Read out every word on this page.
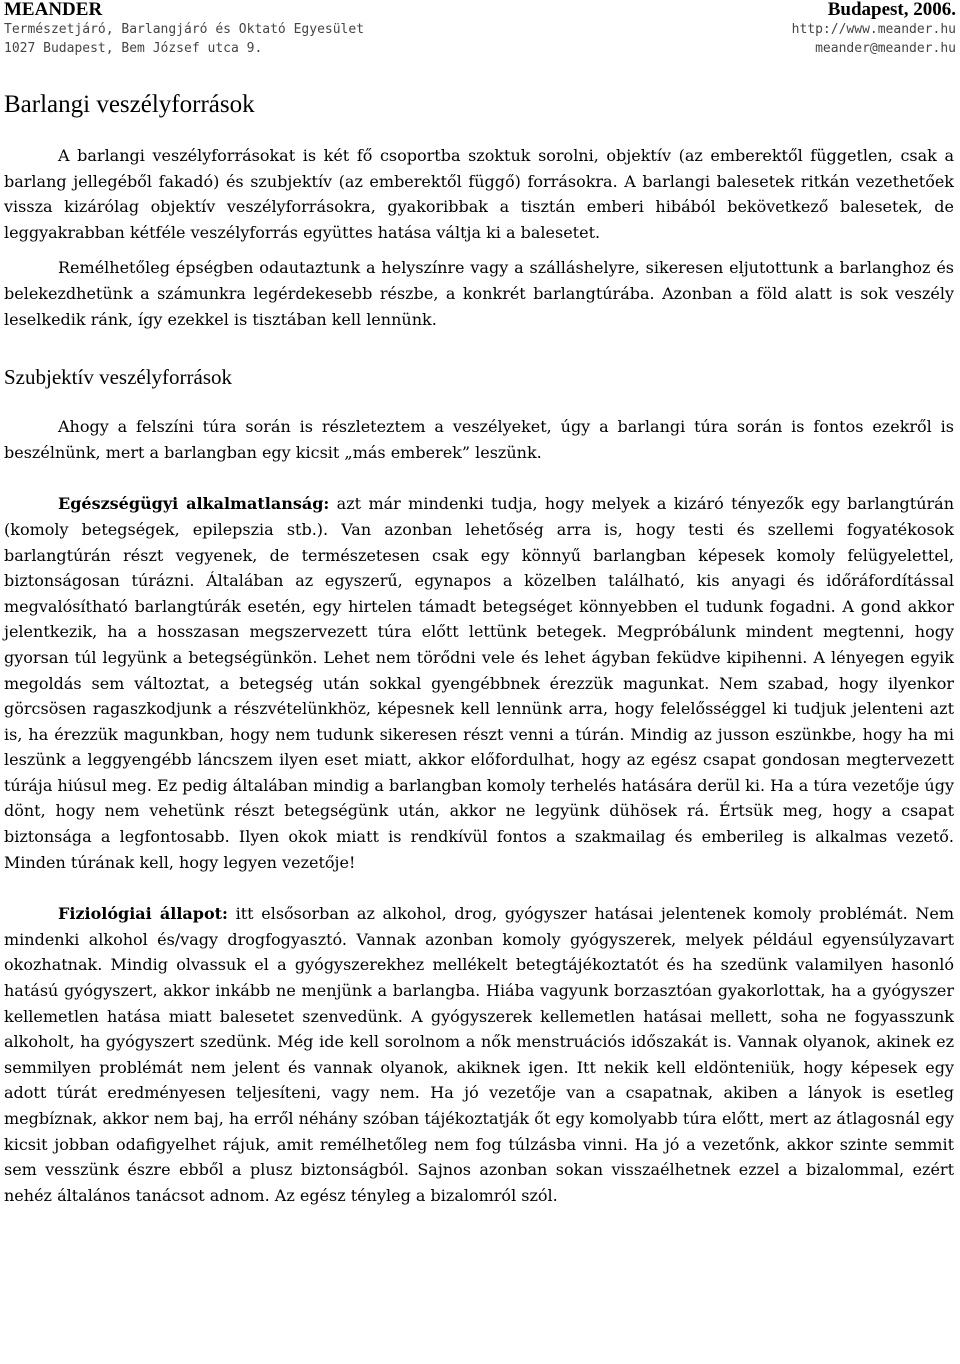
MEANDER	Budapest, 2006.
Természetjáró, Barlangjáró és Oktató Egyesület	http://www.meander.hu
1027 Budapest, Bem József utca 9.	meander@meander.hu
Barlangi veszélyforrások

A barlangi veszélyforrásokat is két fő csoportba szoktuk sorolni, objektív (az emberektől független, csak a barlang jellegéből fakadó) és szubjektív (az emberektől függő) forrásokra. A barlangi balesetek ritkán vezethetőek vissza kizárólag objektív veszélyforrásokra, gyakoribbak a tisztán emberi hibából bekövetkező balesetek, de leggyakrabban kétféle veszélyforrás együttes hatása váltja ki a balesetet.

Remélhetőleg épségben odautaztunk a helyszínre vagy a szálláshelyre, sikeresen eljutottunk a barlanghoz és belekezdhetünk a számunkra legérdekesebb részbe, a konkrét barlangtúrába. Azonban a föld alatt is sok veszély leselkedik ránk, így ezekkel is tisztában kell lennünk.

Szubjektív veszélyforrások

Ahogy a felszíni túra során is részleteztem a veszélyeket, úgy a barlangi túra során is fontos ezekről is beszélnünk, mert a barlangban egy kicsit „más emberek” leszünk.

Egészségügyi alkalmatlanság: azt már mindenki tudja, hogy melyek a kizáró tényezők egy barlangtúrán (komoly betegségek, epilepszia stb.). Van azonban lehetőség arra is, hogy testi és szellemi fogyatékosok barlangtúrán részt vegyenek, de természetesen csak egy könnyű barlangban képesek komoly felügyelettel, biztonságosan túrázni. Általában az egyszerű, egynapos a közelben található, kis anyagi és időráfordítással megvalósítható barlangtúrák esetén, egy hirtelen támadt betegséget könnyebben el tudunk fogadni. A gond akkor jelentkezik, ha a hosszasan megszervezett túra előtt lettünk betegek. Megpróbálunk mindent megtenni, hogy gyorsan túl legyünk a betegségünkön. Lehet nem törődni vele és lehet ágyban feküdve kipihenni. A lényegen egyik megoldás sem változtat, a betegség után sokkal gyengébbnek érezzük magunkat. Nem szabad, hogy ilyenkor görcsösen ragaszkodjunk a részvételünkhöz, képesnek kell lennünk arra, hogy felelősséggel ki tudjuk jelenteni azt is, ha érezzük magunkban, hogy nem tudunk sikeresen részt venni a túrán. Mindig az jusson eszünkbe, hogy ha mi leszünk a leggyengébb láncszem ilyen eset miatt, akkor előfordulhat, hogy az egész csapat gondosan megtervezett túrája hiúsul meg. Ez pedig általában mindig a barlangban komoly terhelés hatására derül ki. Ha a túra vezetője úgy dönt, hogy nem vehetünk részt betegségünk után, akkor ne legyünk dühösek rá. Értsük meg, hogy a csapat biztonsága a legfontosabb. Ilyen okok miatt is rendkívül fontos a szakmailag és emberileg is alkalmas vezető. Minden túrának kell, hogy legyen vezetője!

Fiziológiai állapot: itt elsősorban az alkohol, drog, gyógyszer hatásai jelentenek komoly problémát. Nem mindenki alkohol és/vagy drogfogyasztó. Vannak azonban komoly gyógyszerek, melyek például egyensúlyzavart okozhatnak. Mindig olvassuk el a gyógyszerekhez mellékelt betegtájékoztatót és ha szedünk valamilyen hasonló hatású gyógyszert, akkor inkább ne menjünk a barlangba. Hiába vagyunk borzasztóan gyakorlottak, ha a gyógyszer kellemetlen hatása miatt balesetet szenvedünk. A gyógyszerek kellemetlen hatásai mellett, soha ne fogyasszunk alkoholt, ha gyógyszert szedünk. Még ide kell sorolnom a nők menstruációs időszakát is. Vannak olyanok, akinek ez semmilyen problémát nem jelent és vannak olyanok, akiknek igen. Itt nekik kell eldönteniük, hogy képesek egy adott túrát eredményesen teljesíteni, vagy nem. Ha jó vezetője van a csapatnak, akiben a lányok is esetleg megbíznak, akkor nem baj, ha erről néhány szóban tájékoztatják őt egy komolyabb túra előtt, mert az átlagosnál egy kicsit jobban odafigyelhet rájuk, amit remélhetőleg nem fog túlzásba vinni. Ha jó a vezetőnk, akkor szinte semmit sem vesszünk észre ebből a plusz biztonságból. Sajnos azonban sokan visszaélhetnek ezzel a bizalommal, ezért nehéz általános tanácsot adnom. Az egész tényleg a bizalomról szól.
